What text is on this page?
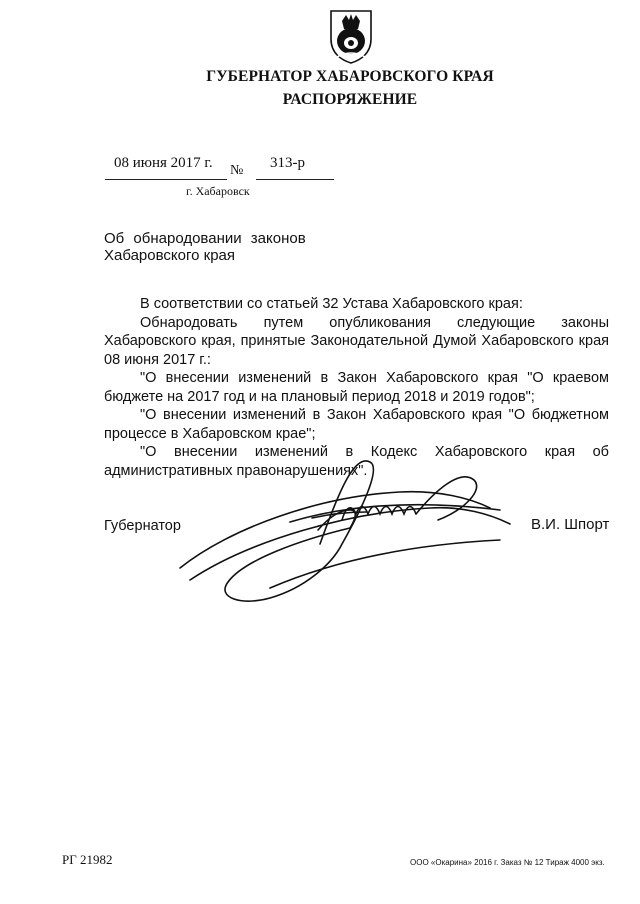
ГУБЕРНАТОР ХАБАРОВСКОГО КРАЯ
РАСПОРЯЖЕНИЕ
08 июня 2017 г. № 313-р
г. Хабаровск
Об обнародовании законов
Хабаровского края

В соответствии со статьей 32 Устава Хабаровского края:

Обнародовать путем опубликования следующие законы Хабаровского края, принятые Законодательной Думой Хабаровского края 08 июня 2017 г.:

"О внесении изменений в Закон Хабаровского края "О краевом бюджете на 2017 год и на плановый период 2018 и 2019 годов";

"О внесении изменений в Закон Хабаровского края "О бюджетном процессе в Хабаровском крае";

"О внесении изменений в Кодекс Хабаровского края об административных правонарушениях".

Губернатор	В.И. Шпорт
РГ 21982	ООО «Окарина» 2016 г. Заказ № 12 Тираж 4000 экз.
